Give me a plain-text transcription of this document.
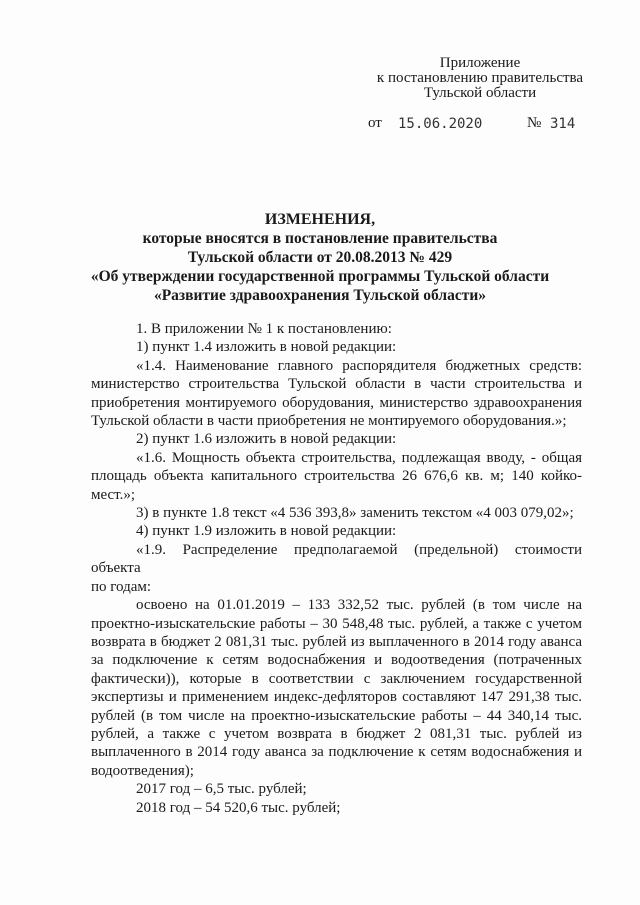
Приложение
к постановлению правительства
Тульской области
от 15.06.2020	№ 314
ИЗМЕНЕНИЯ,
которые вносятся в постановление правительства
Тульской области от 20.08.2013 № 429
«Об утверждении государственной программы Тульской области
«Развитие здравоохранения Тульской области»
1. В приложении № 1 к постановлению:
1) пункт 1.4 изложить в новой редакции:
«1.4. Наименование главного распорядителя бюджетных средств:
министерство строительства Тульской области в части строительства и
приобретения монтируемого оборудования, министерство здравоохранения
Тульской области в части приобретения не монтируемого оборудования.»;
2) пункт 1.6 изложить в новой редакции:
«1.6. Мощность объекта строительства, подлежащая вводу, - общая
площадь объекта капитального строительства 26 676,6 кв. м; 140 койко-
мест.»;
3) в пункте 1.8 текст «4 536 393,8» заменить текстом «4 003 079,02»;
4) пункт 1.9 изложить в новой редакции:
«1.9. Распределение предполагаемой (предельной) стоимости объекта
по годам:
освоено на 01.01.2019 – 133 332,52 тыс. рублей (в том числе на
проектно-изыскательские работы – 30 548,48 тыс. рублей, а также с учетом
возврата в бюджет 2 081,31 тыс. рублей из выплаченного в 2014 году аванса
за подключение к сетям водоснабжения и водоотведения (потраченных
фактически)), которые в соответствии с заключением государственной
экспертизы и применением индекс-дефляторов составляют 147 291,38 тыс.
рублей (в том числе на проектно-изыскательские работы – 44 340,14 тыс.
рублей, а также с учетом возврата в бюджет 2 081,31 тыс. рублей из
выплаченного в 2014 году аванса за подключение к сетям водоснабжения и
водоотведения);
2017 год – 6,5 тыс. рублей;
2018 год – 54 520,6 тыс. рублей;
